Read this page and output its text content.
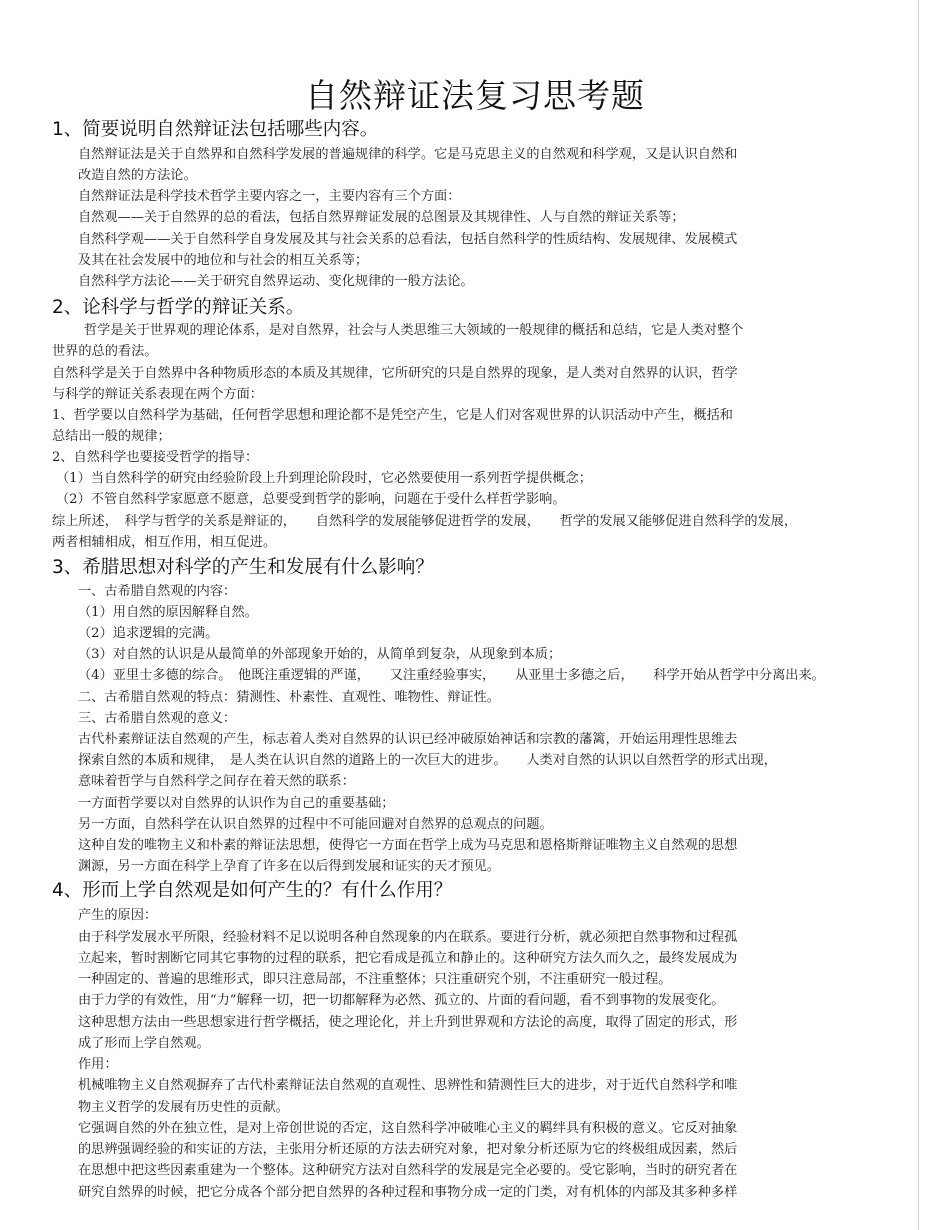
自然辩证法复习思考题
1、简要说明自然辩证法包括哪些内容。
自然辩证法是关于自然界和自然科学发展的普遍规律的科学。它是马克思主义的自然观和科学观，又是认识自然和
改造自然的方法论。
自然辩证法是科学技术哲学主要内容之一，主要内容有三个方面：
自然观——关于自然界的总的看法，包括自然界辩证发展的总图景及其规律性、人与自然的辩证关系等；
自然科学观——关于自然科学自身发展及其与社会关系的总看法，包括自然科学的性质结构、发展规律、发展模式
及其在社会发展中的地位和与社会的相互关系等；
自然科学方法论——关于研究自然界运动、变化规律的一般方法论。
2、论科学与哲学的辩证关系。
哲学是关于世界观的理论体系，是对自然界，社会与人类思维三大领域的一般规律的概括和总结，它是人类对整个
世界的总的看法。
自然科学是关于自然界中各种物质形态的本质及其规律，它所研究的只是自然界的现象，是人类对自然界的认识，哲学
与科学的辩证关系表现在两个方面：
1、哲学要以自然科学为基础，任何哲学思想和理论都不是凭空产生，它是人们对客观世界的认识活动中产生，概括和
总结出一般的规律；
2、自然科学也要接受哲学的指导：
（1）当自然科学的研究由经验阶段上升到理论阶段时，它必然要使用一系列哲学提供概念；
（2）不管自然科学家愿意不愿意，总要受到哲学的影响，问题在于受什么样哲学影响。
综上所述，　科学与哲学的关系是辩证的，　　自然科学的发展能够促进哲学的发展，　　哲学的发展又能够促进自然科学的发展，
两者相辅相成，相互作用，相互促进。
3、希腊思想对科学的产生和发展有什么影响？
一、古希腊自然观的内容：
（1）用自然的原因解释自然。
（2）追求逻辑的完满。
（3）对自然的认识是从最简单的外部现象开始的，从简单到复杂，从现象到本质；
（4）亚里士多德的综合。　他既注重逻辑的严谨，　　又注重经验事实，　　从亚里士多德之后，　　科学开始从哲学中分离出来。
二、古希腊自然观的特点：猜测性、朴素性、直观性、唯物性、辩证性。
三、古希腊自然观的意义：
古代朴素辩证法自然观的产生，标志着人类对自然界的认识已经冲破原始神话和宗教的藩篱，开始运用理性思维去
探索自然的本质和规律，　是人类在认识自然的道路上的一次巨大的进步。　　人类对自然的认识以自然哲学的形式出现，
意味着哲学与自然科学之间存在着天然的联系：
一方面哲学要以对自然界的认识作为自己的重要基础；
另一方面，自然科学在认识自然界的过程中不可能回避对自然界的总观点的问题。
这种自发的唯物主义和朴素的辩证法思想，使得它一方面在哲学上成为马克思和恩格斯辩证唯物主义自然观的思想
渊源，另一方面在科学上孕育了许多在以后得到发展和证实的天才预见。
4、形而上学自然观是如何产生的？有什么作用？
产生的原因：
由于科学发展水平所限，经验材料不足以说明各种自然现象的内在联系。要进行分析，就必须把自然事物和过程孤
立起来，暂时割断它同其它事物的过程的联系，把它看成是孤立和静止的。这种研究方法久而久之，最终发展成为
一种固定的、普遍的思维形式，即只注意局部，不注重整体；只注重研究个别，不注重研究一般过程。
由于力学的有效性，用“力”解释一切，把一切都解释为必然、孤立的、片面的看问题，看不到事物的发展变化。
这种思想方法由一些思想家进行哲学概括，使之理论化，并上升到世界观和方法论的高度，取得了固定的形式，形
成了形而上学自然观。
作用：
机械唯物主义自然观摒弃了古代朴素辩证法自然观的直观性、思辨性和猜测性巨大的进步，对于近代自然科学和唯
物主义哲学的发展有历史性的贡献。
它强调自然的外在独立性，是对上帝创世说的否定，这自然科学冲破唯心主义的羁绊具有积极的意义。它反对抽象
的思辨强调经验的和实证的方法，主张用分析还原的方法去研究对象，把对象分析还原为它的终极组成因素，然后
在思想中把这些因素重建为一个整体。这种研究方法对自然科学的发展是完全必要的。受它影响，当时的研究者在
研究自然界的时候，把它分成各个部分把自然界的各种过程和事物分成一定的门类，对有机体的内部及其多种多样
